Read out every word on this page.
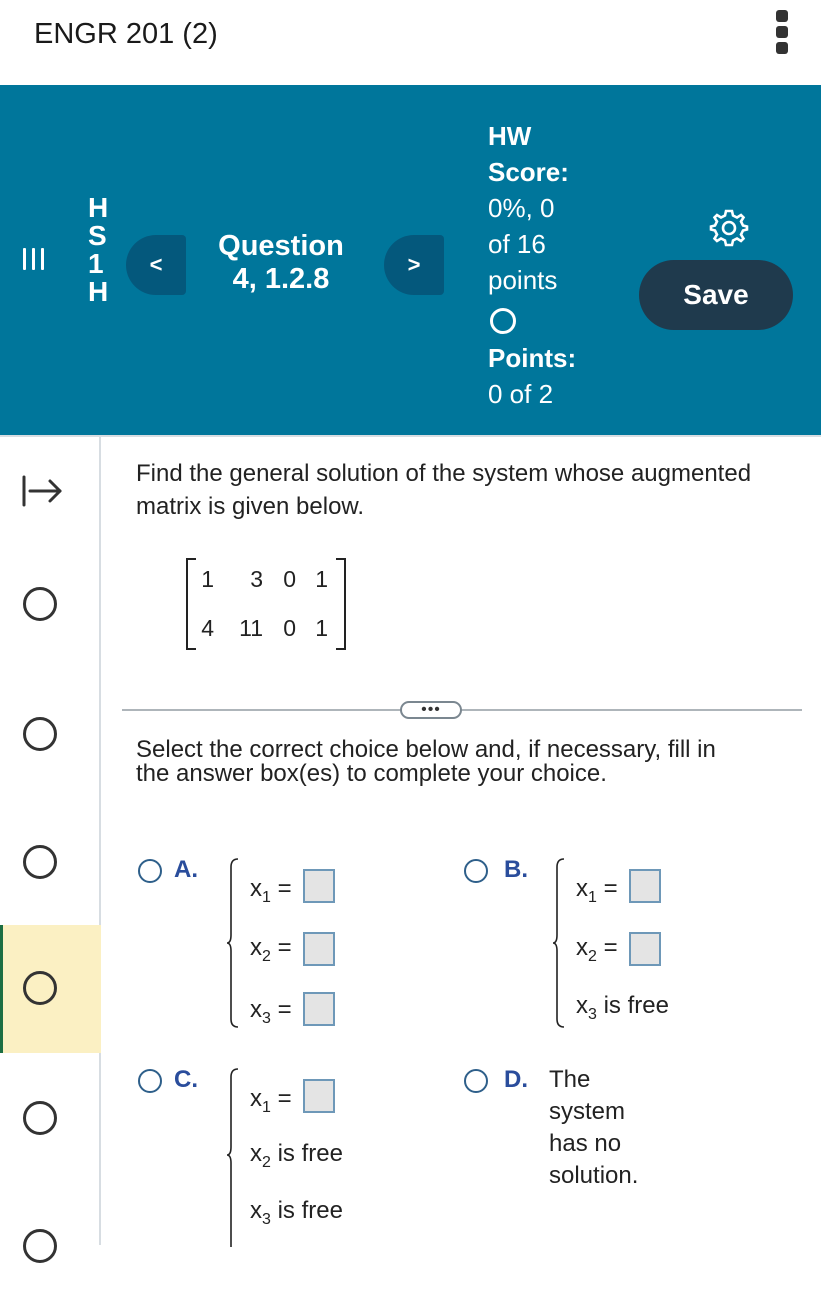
ENGR 201 (2)
H
S
1
H
<
Question
4, 1.2.8	>
HW
Score:
0%, 0
of 16
points
Points:
0 of 2
Save
Find the general solution of the system whose augmented matrix is given below.
1	3 0 1
4 11 0 1
•••
Select the correct choice below and, if necessary, fill in
the answer box(es) to complete your choice.
A.
$x_1$ =
$x_2$ =
$x_3$ =
B.
$x_1$ =
$x_2$ =
$x_3$ is free
C.
$x_1$ =
$x_2$ is free
$x_3$ is free
D. The system has no
solution.
